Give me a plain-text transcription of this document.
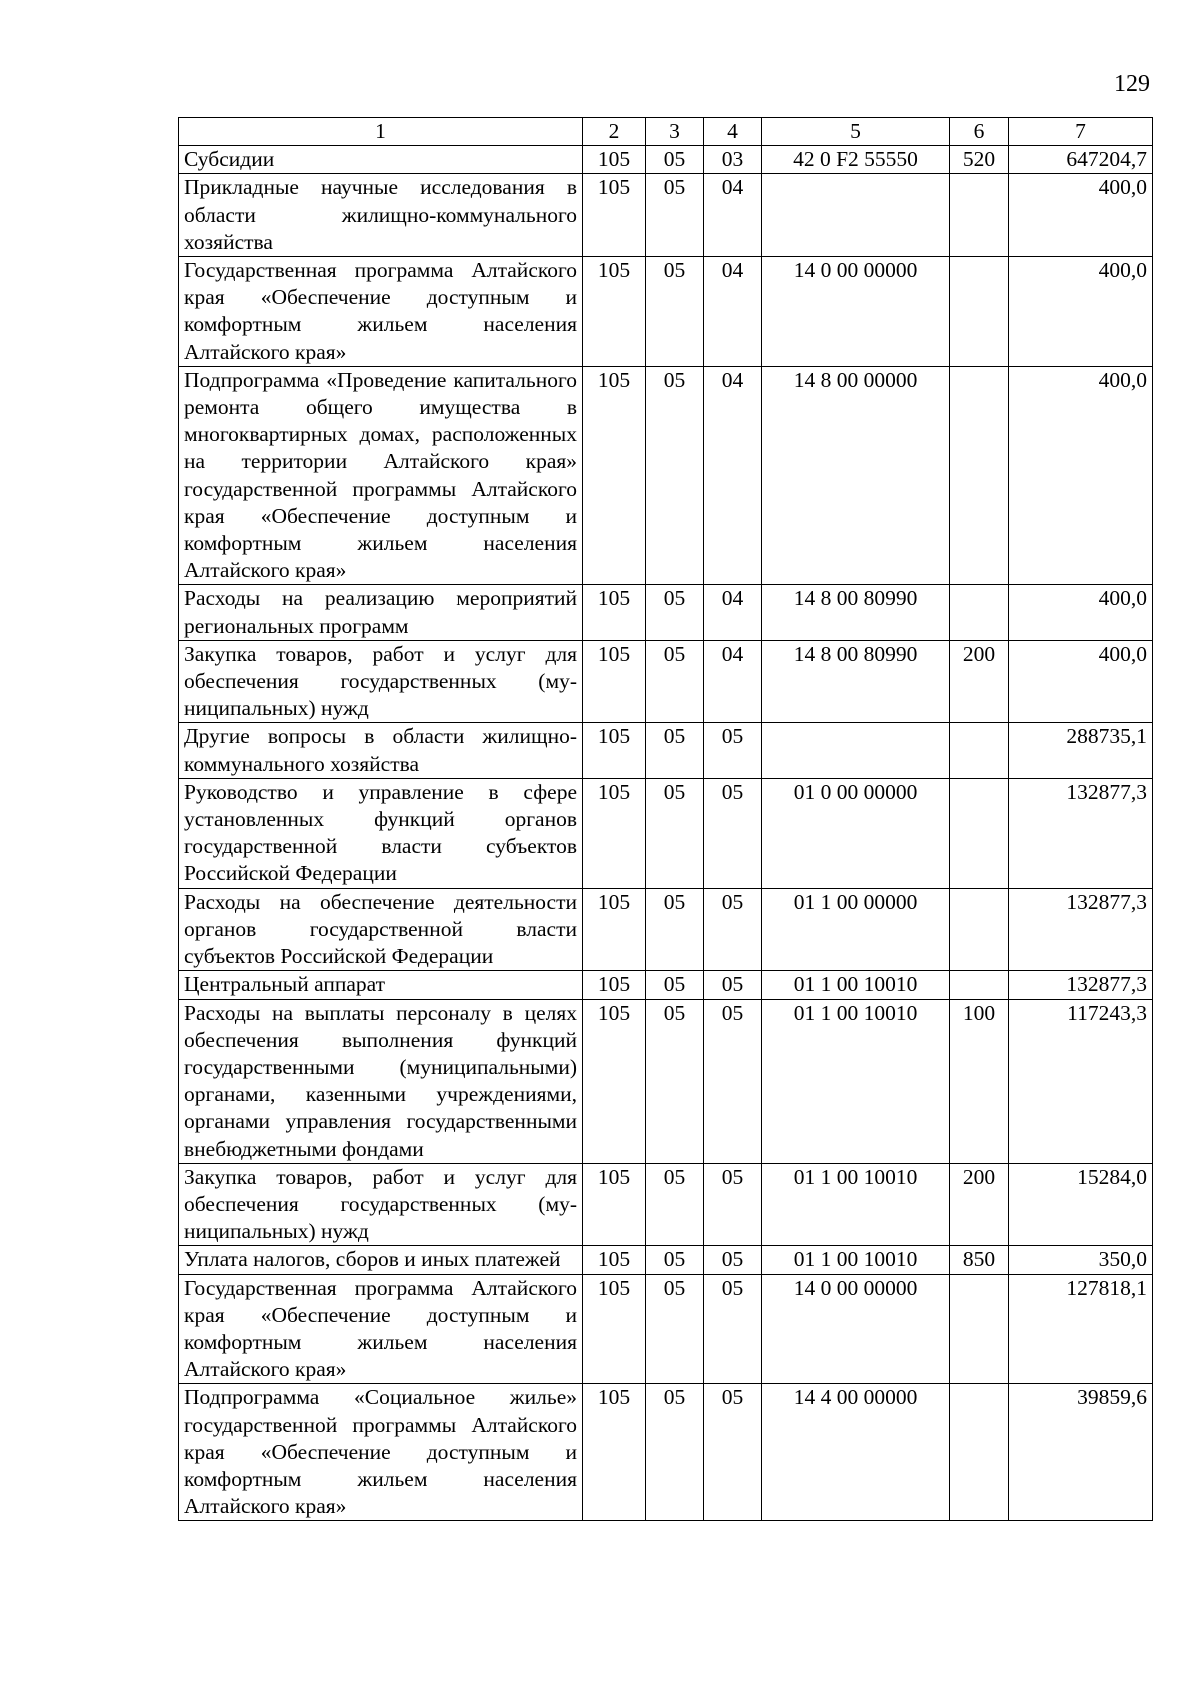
129
1	2	3	4	5	6	7
Субсидии	105	05	03	42 0 F2 55550	520	647204,7
Прикладные научные исследования в области жилищно-коммунального хозяйства	105	05	04			400,0
Государственная программа Алтайского края «Обеспечение доступным и комфортным жильем населения Алтайского края»	105	05	04	14 0 00 00000		400,0
Подпрограмма «Проведение капитального ремонта общего имущества в многоквартирных домах, расположенных на территории Алтайского края» государственной программы Алтайского края «Обеспечение доступным и комфортным жильем населения Алтайского края»	105	05	04	14 8 00 00000		400,0
Расходы на реализацию мероприятий региональных программ	105	05	04	14 8 00 80990		400,0
Закупка товаров, работ и услуг для обеспечения государственных (муниципальных) нужд	105	05	04	14 8 00 80990	200	400,0
Другие вопросы в области жилищно-коммунального хозяйства	105	05	05			288735,1
Руководство и управление в сфере установленных функций органов государственной власти субъектов Российской Федерации	105	05	05	01 0 00 00000		132877,3
Расходы на обеспечение деятельности органов государственной власти субъектов Российской Федерации	105	05	05	01 1 00 00000		132877,3
Центральный аппарат	105	05	05	01 1 00 10010		132877,3
Расходы на выплаты персоналу в целях обеспечения выполнения функций государственными (муниципальными) органами, казенными учреждениями, органами управления государственными внебюджетными фондами	105	05	05	01 1 00 10010	100	117243,3
Закупка товаров, работ и услуг для обеспечения государственных (муниципальных) нужд	105	05	05	01 1 00 10010	200	15284,0
Уплата налогов, сборов и иных платежей	105	05	05	01 1 00 10010	850	350,0
Государственная программа Алтайского края «Обеспечение доступным и комфортным жильем населения Алтайского края»	105	05	05	14 0 00 00000		127818,1
Подпрограмма «Социальное жилье» государственной программы Алтайского края «Обеспечение доступным и комфортным жильем населения Алтайского края»	105	05	05	14 4 00 00000		39859,6
